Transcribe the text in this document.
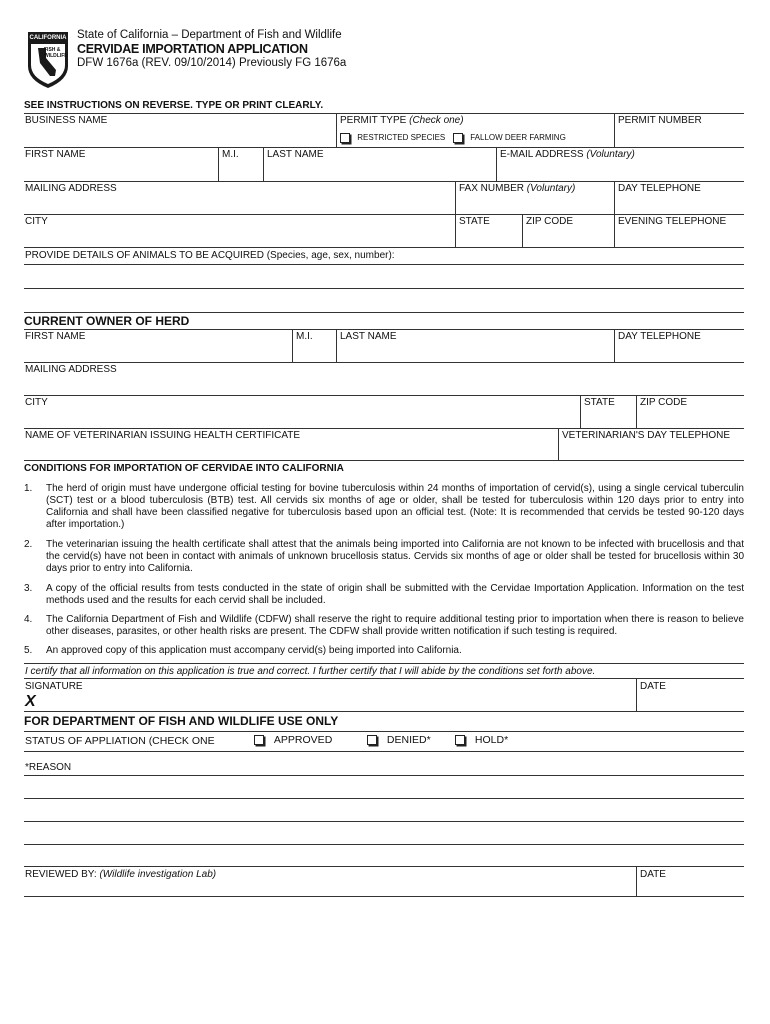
CALIFORNIA
FISH &
WILDLIFE
State of California – Department of Fish and Wildlife
CERVIDAE IMPORTATION APPLICATION
DFW 1676a (REV. 09/10/2014) Previously FG 1676a
SEE INSTRUCTIONS ON REVERSE. TYPE OR PRINT CLEARLY.
BUSINESS NAME	PERMIT TYPE (Check one)	PERMIT NUMBER
RESTRICTED SPECIES	FALLOW DEER FARMING
FIRST NAME	M.I.	LAST NAME	E-MAIL ADDRESS (Voluntary)
MAILING ADDRESS	FAX NUMBER (Voluntary)	DAY TELEPHONE
CITY	STATE	ZIP CODE	EVENING TELEPHONE
PROVIDE DETAILS OF ANIMALS TO BE ACQUIRED (Species, age, sex, number):
CURRENT OWNER OF HERD
FIRST NAME	M.I.	LAST NAME	DAY TELEPHONE
MAILING ADDRESS
CITY	STATE	ZIP CODE
NAME OF VETERINARIAN ISSUING HEALTH CERTIFICATE	VETERINARIAN'S DAY TELEPHONE
CONDITIONS FOR IMPORTATION OF CERVIDAE INTO CALIFORNIA
1. The herd of origin must have undergone official testing for bovine tuberculosis within 24 months of importation of cervid(s), using a single cervical tuberculin (SCT) test or a blood tuberculosis (BTB) test. All cervids six months of age or older, shall be tested for tuberculosis within 120 days prior to entry into California and shall have been classified negative for tuberculosis based upon an official test. (Note: It is recommended that cervids be tested 90-120 days after importation.)
2. The veterinarian issuing the health certificate shall attest that the animals being imported into California are not known to be infected with brucellosis and that the cervid(s) have not been in contact with animals of unknown brucellosis status. Cervids six months of age or older shall be tested for brucellosis within 30 days prior to entry into California.
3. A copy of the official results from tests conducted in the state of origin shall be submitted with the Cervidae Importation Application. Information on the test methods used and the results for each cervid shall be included.
4. The California Department of Fish and Wildlife (CDFW) shall reserve the right to require additional testing prior to importation when there is reason to believe other diseases, parasites, or other health risks are present. The CDFW shall provide written notification if such testing is required.
5. An approved copy of this application must accompany cervid(s) being imported into California.
I certify that all information on this application is true and correct. I further certify that I will abide by the conditions set forth above.
SIGNATURE
X
DATE
FOR DEPARTMENT OF FISH AND WILDLIFE USE ONLY
STATUS OF APPLIATION (CHECK ONE	APPROVED	DENIED*	HOLD*
*REASON
REVIEWED BY: (Wildlife investigation Lab)	DATE
